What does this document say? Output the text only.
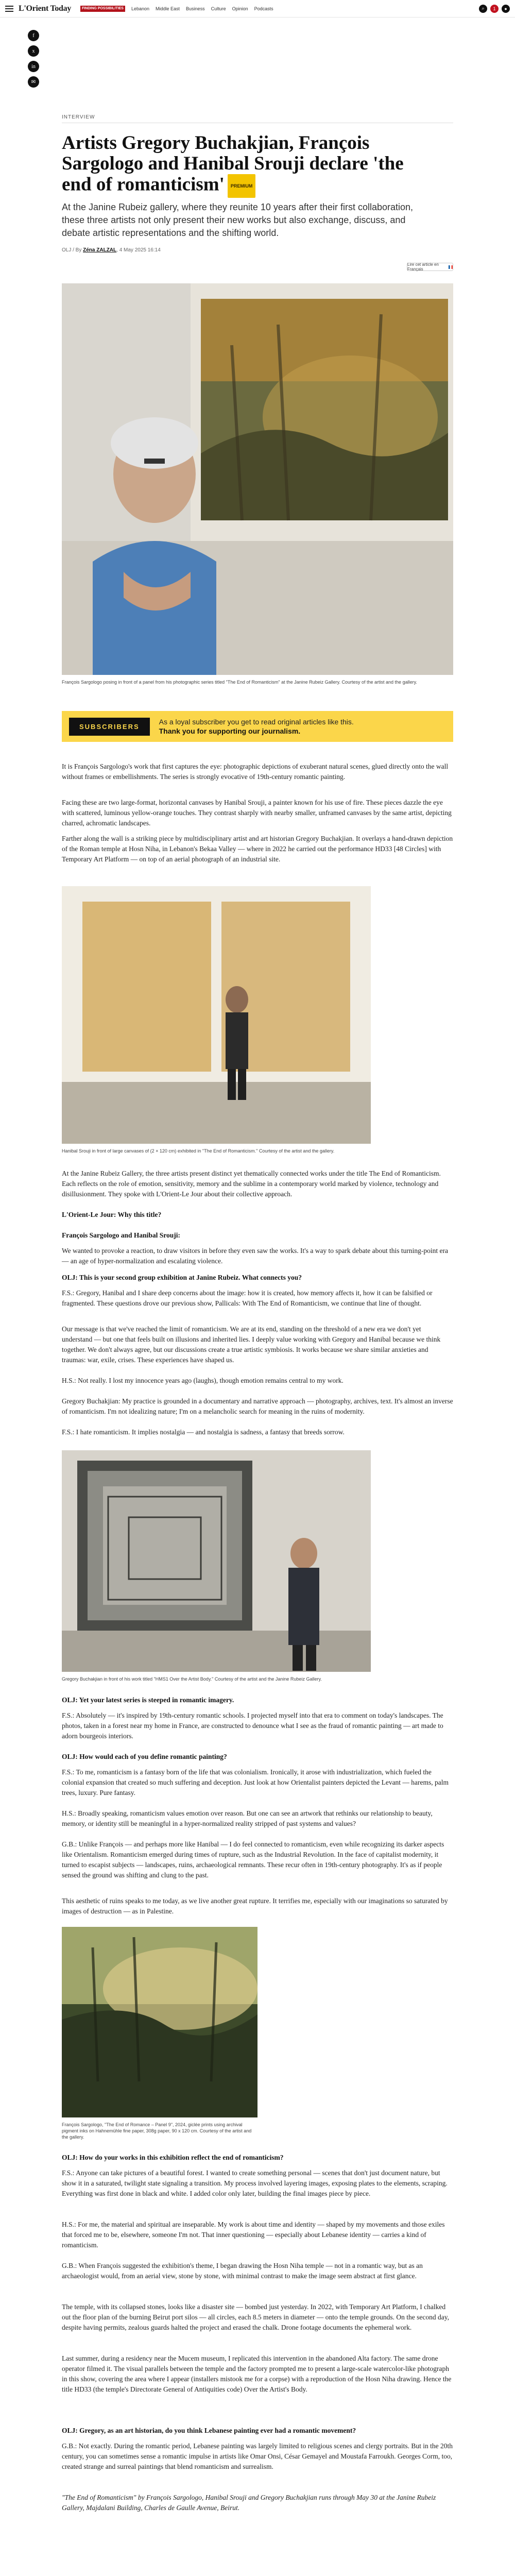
L'Orient Today	FINDING POSSIBILITIES	Lebanon Middle East Business Culture Opinion Podcasts	⌕	1	●
f
x
in
✉
INTERVIEW
Artists Gregory Buchakjian, François Sargologo and Hanibal Srouji declare 'the end of romanticism' PREMIUM
At the Janine Rubeiz gallery, where they reunite 10 years after their first collaboration, these three artists not only present their new works but also exchange, discuss, and debate artistic representations and the shifting world.
OLJ / By Zéna ZALZAL, 4 May 2025 16:14
Lire cet article en Français
François Sargologo posing in front of a panel from his photographic series titled "The End of Romanticism" at the Janine Rubeiz Gallery. Courtesy of the artist and the gallery.
SUBSCRIBERS
As a loyal subscriber you get to read original articles like this.
Thank you for supporting our journalism.
It is François Sargologo's work that first captures the eye: photographic depictions of exuberant natural scenes, glued directly onto the wall without frames or embellishments. The series is strongly evocative of 19th-century romantic painting.
Facing these are two large-format, horizontal canvases by Hanibal Srouji, a painter known for his use of fire. These pieces dazzle the eye with scattered, luminous yellow-orange touches. They contrast sharply with nearby smaller, unframed canvases by the same artist, depicting charred, achromatic landscapes.
Farther along the wall is a striking piece by multidisciplinary artist and art historian Gregory Buchakjian. It overlays a hand-drawn depiction of the Roman temple at Hosn Niha, in Lebanon's Bekaa Valley — where in 2022 he carried out the performance HD33 [48 Circles] with Temporary Art Platform — on top of an aerial photograph of an industrial site.
Hanibal Srouji in front of large canvases of (2 × 120 cm) exhibited in "The End of Romanticism." Courtesy of the artist and the gallery.
At the Janine Rubeiz Gallery, the three artists present distinct yet thematically connected works under the title The End of Romanticism. Each reflects on the role of emotion, sensitivity, memory and the sublime in a contemporary world marked by violence, technology and disillusionment. They spoke with L'Orient-Le Jour about their collective approach.
L'Orient-Le Jour: Why this title?
François Sargologo and Hanibal Srouji:
We wanted to provoke a reaction, to draw visitors in before they even saw the works. It's a way to spark debate about this turning-point era — an age of hyper-normalization and escalating violence.
OLJ: This is your second group exhibition at Janine Rubeiz. What connects you?
F.S.: Gregory, Hanibal and I share deep concerns about the image: how it is created, how memory affects it, how it can be falsified or fragmented. These questions drove our previous show, Pallicals: With The End of Romanticism, we continue that line of thought.
Our message is that we've reached the limit of romanticism. We are at its end, standing on the threshold of a new era we don't yet understand — but one that feels built on illusions and inherited lies. I deeply value working with Gregory and Hanibal because we think together. We don't always agree, but our discussions create a true artistic symbiosis. It works because we share similar anxieties and traumas: war, exile, crises. These experiences have shaped us.
H.S.: Not really. I lost my innocence years ago (laughs), though emotion remains central to my work.
Gregory Buchakjian: My practice is grounded in a documentary and narrative approach — photography, archives, text. It's almost an inverse of romanticism. I'm not idealizing nature; I'm on a melancholic search for meaning in the ruins of modernity.
F.S.: I hate romanticism. It implies nostalgia — and nostalgia is sadness, a fantasy that breeds sorrow.
Gregory Buchakjian in front of his work titled "HMS1 Over the Artist Body." Courtesy of the artist and the Janine Rubeiz Gallery.
OLJ: Yet your latest series is steeped in romantic imagery.
F.S.: Absolutely — it's inspired by 19th-century romantic schools. I projected myself into that era to comment on today's landscapes. The photos, taken in a forest near my home in France, are constructed to denounce what I see as the fraud of romantic painting — art made to adorn bourgeois interiors.
OLJ: How would each of you define romantic painting?
F.S.: To me, romanticism is a fantasy born of the life that was colonialism. Ironically, it arose with industrialization, which fueled the colonial expansion that created so much suffering and deception. Just look at how Orientalist painters depicted the Levant — harems, palm trees, luxury. Pure fantasy.
H.S.: Broadly speaking, romanticism values emotion over reason. But one can see an artwork that rethinks our relationship to beauty, memory, or identity still be meaningful in a hyper-normalized reality stripped of past systems and values?
G.B.: Unlike François — and perhaps more like Hanibal — I do feel connected to romanticism, even while recognizing its darker aspects like Orientalism. Romanticism emerged during times of rupture, such as the Industrial Revolution. In the face of capitalist modernity, it turned to escapist subjects — landscapes, ruins, archaeological remnants. These recur often in 19th-century photography. It's as if people sensed the ground was shifting and clung to the past.
This aesthetic of ruins speaks to me today, as we live another great rupture. It terrifies me, especially with our imaginations so saturated by images of destruction — as in Palestine.
François Sargologo, "The End of Romance – Panel 9", 2024, giclée prints using archival pigment inks on Hahnemühle fine paper, 308g paper, 90 x 120 cm. Courtesy of the artist and the gallery.
OLJ: How do your works in this exhibition reflect the end of romanticism?
F.S.: Anyone can take pictures of a beautiful forest. I wanted to create something personal — scenes that don't just document nature, but show it in a saturated, twilight state signaling a transition. My process involved layering images, exposing plates to the elements, scraping. Everything was first done in black and white. I added color only later, building the final images piece by piece.
H.S.: For me, the material and spiritual are inseparable. My work is about time and identity — shaped by my movements and those exiles that forced me to be, elsewhere, someone I'm not. That inner questioning — especially about Lebanese identity — carries a kind of romanticism.
G.B.: When François suggested the exhibition's theme, I began drawing the Hosn Niha temple — not in a romantic way, but as an archaeologist would, from an aerial view, stone by stone, with minimal contrast to make the image seem abstract at first glance.
The temple, with its collapsed stones, looks like a disaster site — bombed just yesterday. In 2022, with Temporary Art Platform, I chalked out the floor plan of the burning Beirut port silos — all circles, each 8.5 meters in diameter — onto the temple grounds. On the second day, despite having permits, zealous guards halted the project and erased the chalk. Drone footage documents the ephemeral work.
Last summer, during a residency near the Mucem museum, I replicated this intervention in the abandoned Alta factory. The same drone operator filmed it. The visual parallels between the temple and the factory prompted me to present a large-scale watercolor-like photograph in this show, covering the area where I appear (installers mistook me for a corpse) with a reproduction of the Hosn Niha drawing. Hence the title HD33 (the temple's Directorate General of Antiquities code) Over the Artist's Body.
OLJ: Gregory, as an art historian, do you think Lebanese painting ever had a romantic movement?
G.B.: Not exactly. During the romantic period, Lebanese painting was largely limited to religious scenes and clergy portraits. But in the 20th century, you can sometimes sense a romantic impulse in artists like Omar Onsi, César Gemayel and Moustafa Farroukh. Georges Corm, too, created strange and surreal paintings that blend romanticism and surrealism.
"The End of Romanticism" by François Sargologo, Hanibal Srouji and Gregory Buchakjian runs through May 30 at the Janine Rubeiz Gallery, Majdalani Building, Charles de Gaulle Avenue, Beirut.
